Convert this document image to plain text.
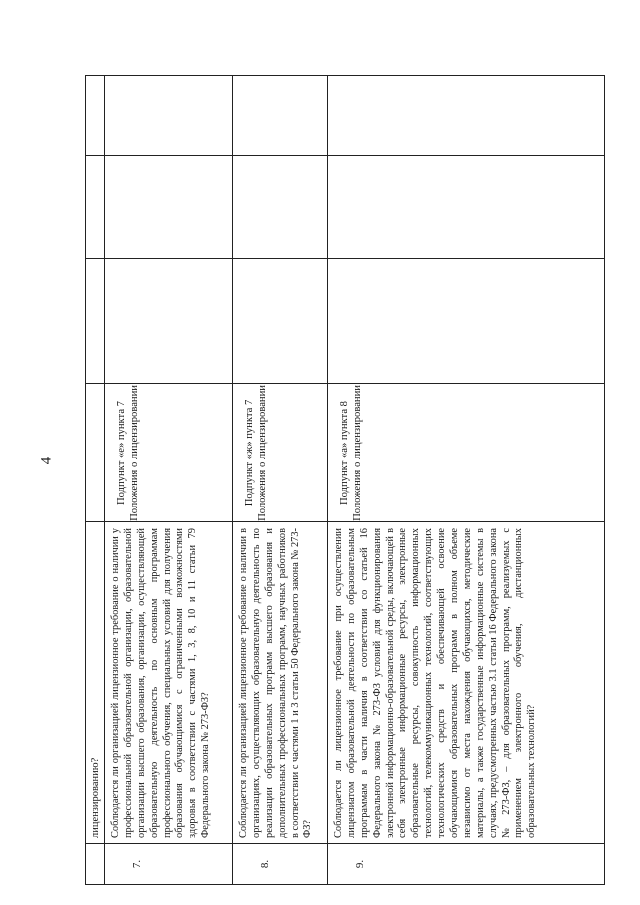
4
лицензированию?
7.
Соблюдается ли организацией лицензионное требование о наличии у профессиональной образовательной организации, образовательной организации высшего образования, организации, осуществляющей образовательную деятельность по основным программам профессионального обучения, специальных условий для получения образования обучающимися с ограниченными возможностями здоровья в соответствии с частями 1, 3, 8, 10 и 11 статьи 79 Федерального закона № 273-ФЗ?
Подпункт «е» пункта 7 Положения о лицензировании
8.
Соблюдается ли организацией лицензионное требование о наличии в организациях, осуществляющих образовательную деятельность по реализации образовательных программ высшего образования и дополнительных профессиональных программ, научных работников в соответствии с частями 1 и 3 статьи 50 Федерального закона № 273-ФЗ?
Подпункт «ж» пункта 7 Положения о лицензировании
9.
Соблюдается ли лицензионное требование при осуществлении лицензиатом образовательной деятельности по образовательным программам в части наличия в соответствии со статьей 16 Федерального закона № 273-ФЗ условий для функционирования электронной информационно-образовательной среды, включающей в себя электронные информационные ресурсы, электронные образовательные ресурсы, совокупность информационных технологий, телекоммуникационных технологий, соответствующих технологических средств и обеспечивающей освоение обучающимися образовательных программ в полном объеме независимо от места нахождения обучающихся, методические материалы, а также государственные информационные системы в случаях, предусмотренных частью 3.1 статьи 16 Федерального закона № 273-ФЗ, – для образовательных программ, реализуемых с применением электронного обучения, дистанционных образовательных технологий?
Подпункт «а» пункта 8 Положения о лицензировании
